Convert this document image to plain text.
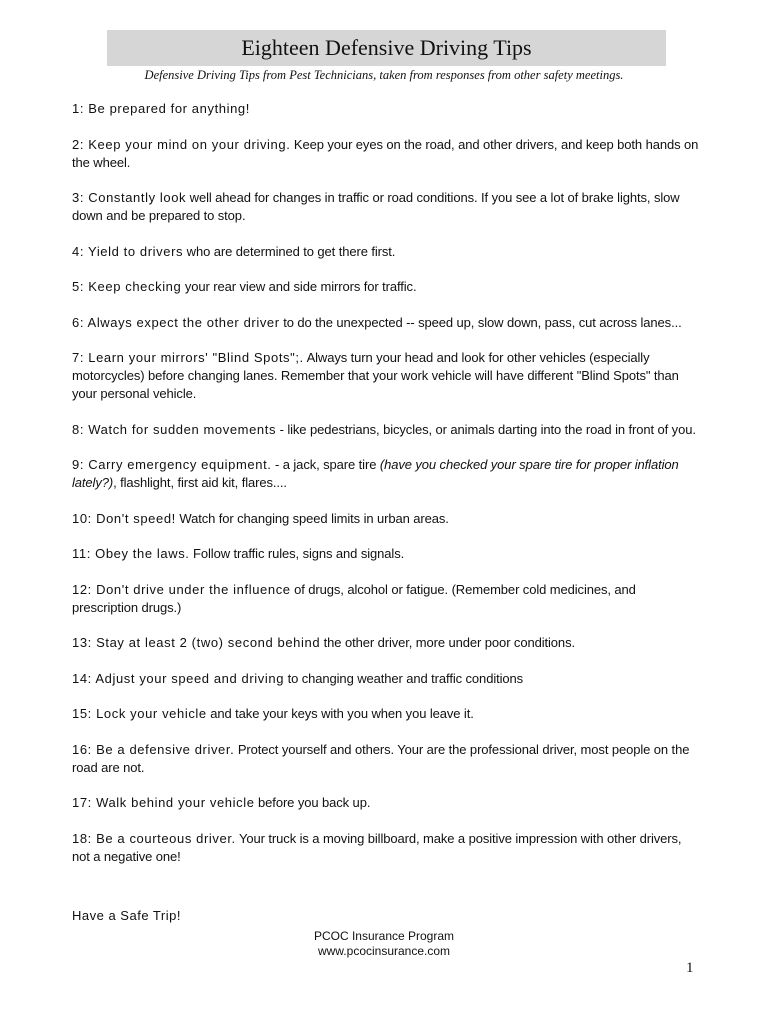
Eighteen Defensive Driving Tips
Defensive Driving Tips from Pest Technicians, taken from responses from other safety meetings.

1: Be prepared for anything!

2: Keep your mind on your driving. Keep your eyes on the road, and other drivers, and keep both hands on the wheel.

3: Constantly look well ahead for changes in traffic or road conditions. If you see a lot of brake lights, slow down and be prepared to stop.

4: Yield to drivers who are determined to get there first.

5: Keep checking your rear view and side mirrors for traffic.

6: Always expect the other driver to do the unexpected -- speed up, slow down, pass, cut across lanes...

7: Learn your mirrors' "Blind Spots";. Always turn your head and look for other vehicles (especially motorcycles) before changing lanes. Remember that your work vehicle will have different "Blind Spots" than your personal vehicle.

8: Watch for sudden movements - like pedestrians, bicycles, or animals darting into the road in front of you.

9: Carry emergency equipment. - a jack, spare tire (have you checked your spare tire for proper inflation lately?), flashlight, first aid kit, flares....

10: Don't speed! Watch for changing speed limits in urban areas.

11: Obey the laws. Follow traffic rules, signs and signals.

12: Don't drive under the influence of drugs, alcohol or fatigue. (Remember cold medicines, and prescription drugs.)

13: Stay at least 2 (two) second behind the other driver, more under poor conditions.

14: Adjust your speed and driving to changing weather and traffic conditions

15: Lock your vehicle and take your keys with you when you leave it.

16: Be a defensive driver. Protect yourself and others. Your are the professional driver, most people on the road are not.

17: Walk behind your vehicle before you back up.

18: Be a courteous driver. Your truck is a moving billboard, make a positive impression with other drivers, not a negative one!

Have a Safe Trip!
PCOC Insurance Program
www.pcocinsurance.com
1
